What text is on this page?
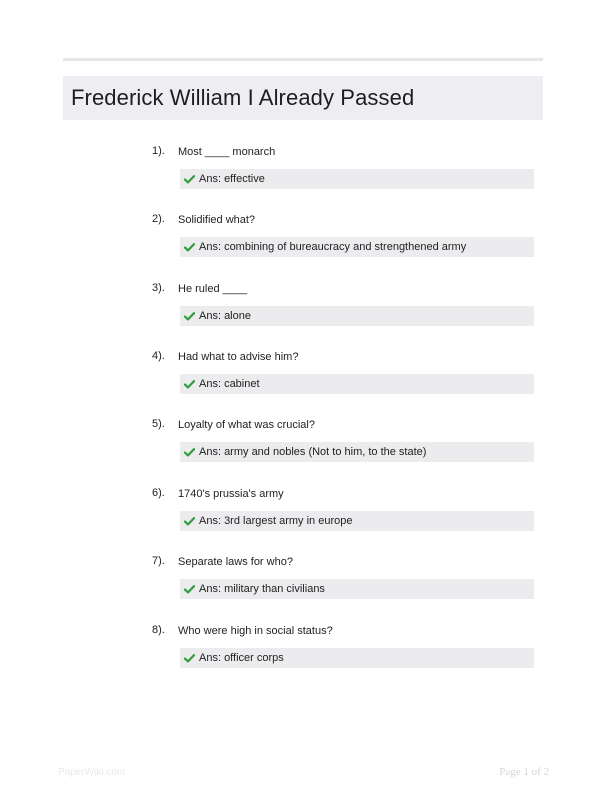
Frederick William I Already Passed
1). Most ____ monarch
Ans: effective
2). Solidified what?
Ans: combining of bureaucracy and strengthened army
3). He ruled ____
Ans: alone
4). Had what to advise him?
Ans: cabinet
5). Loyalty of what was crucial?
Ans: army and nobles (Not to him, to the state)
6). 1740's prussia's army
Ans: 3rd largest army in europe
7). Separate laws for who?
Ans: military than civilians
8). Who were high in social status?
Ans: officer corps
PaperWiki.com	Page 1 of 2
